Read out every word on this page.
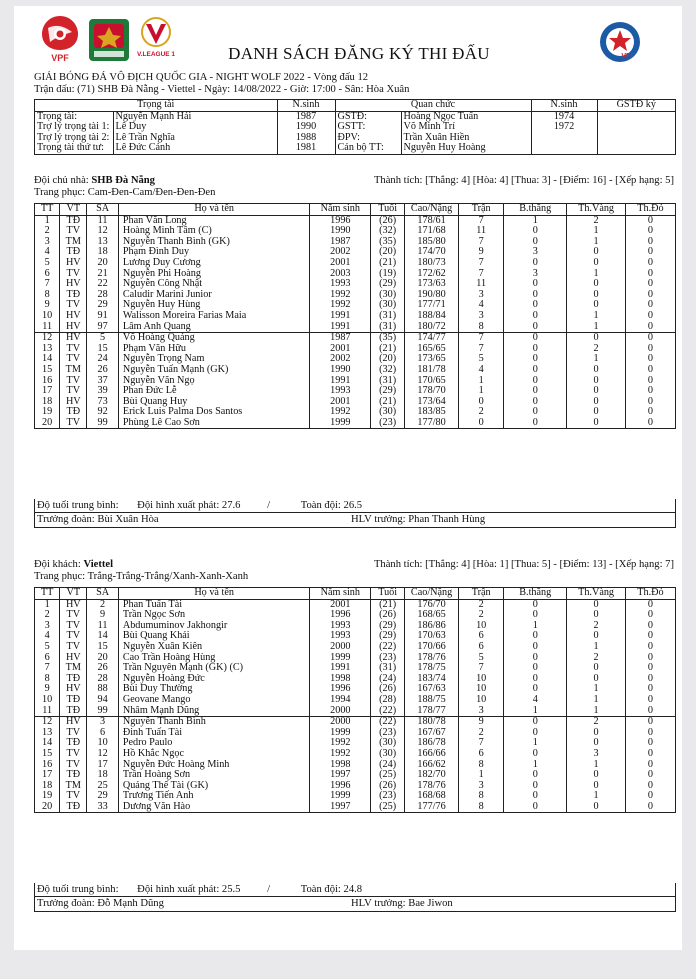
VPF	V.LEAGUE 1	VFF
DANH SÁCH ĐĂNG KÝ THI ĐẤU
GIẢI BÓNG ĐÁ VÔ ĐỊCH QUỐC GIA - NIGHT WOLF 2022 - Vòng đấu 12
Trận đấu: (71) SHB Đà Nẵng - Viettel - Ngày: 14/08/2022 - Giờ: 17:00 - Sân: Hòa Xuân
Trọng tài		N.sinh	Quan chức		N.sinh	GSTĐ ký
Trọng tài:	Nguyễn Mạnh Hải	1987	GSTĐ:	Hoàng Ngọc Tuấn	1974	
Trợ lý trọng tài 1:	Lê Duy	1990	GSTT:	Võ Minh Trí	1972	
Trợ lý trọng tài 2:	Lê Trần Nghĩa	1988	ĐPV:	Trần Xuân Hiền		
Trọng tài thứ tư:	Lê Đức Cảnh	1981	Cán bộ TT:	Nguyễn Huy Hoàng		
Đội chủ nhà: SHB Đà Nẵng	Thành tích: [Thắng: 4] [Hòa: 4] [Thua: 3] - [Điểm: 16] - [Xếp hạng: 5]
Trang phục: Cam-Đen-Cam/Đen-Đen-Đen
TT	VT	SA	Họ và tên	Năm sinh	Tuổi	Cao/Nặng	Trận	B.thắng	Th.Vàng	Th.Đỏ
1	TĐ	11	Phan Văn Long	1996	(26)	178/61	7	1	2	0
2	TV	12	Hoàng Minh Tâm (C)	1990	(32)	171/68	11	0	1	0
3	TM	13	Nguyễn Thanh Bình (GK)	1987	(35)	185/80	7	0	1	0
4	TĐ	18	Phạm Đình Duy	2002	(20)	174/70	9	3	0	0
5	HV	20	Lương Duy Cương	2001	(21)	180/73	7	0	0	0
6	TV	21	Nguyễn Phi Hoàng	2003	(19)	172/62	7	3	1	0
7	HV	22	Nguyễn Công Nhật	1993	(29)	173/63	11	0	0	0
8	TĐ	28	Caludir Marini Junior	1992	(30)	190/80	3	0	0	0
9	TV	29	Nguyễn Huy Hùng	1992	(30)	177/71	4	0	0	0
10	HV	91	Walisson Moreira Farias Maia	1991	(31)	188/84	3	0	1	0
11	HV	97	Lâm Anh Quang	1991	(31)	180/72	8	0	1	0
12	HV	5	Võ Hoàng Quảng	1987	(35)	174/77	7	0	0	0
13	TV	15	Phạm Văn Hữu	2001	(21)	165/65	7	0	2	0
14	TV	24	Nguyễn Trọng Nam	2002	(20)	173/65	5	0	1	0
15	TM	26	Nguyễn Tuấn Mạnh (GK)	1990	(32)	181/78	4	0	0	0
16	TV	37	Nguyễn Văn Ngọ	1991	(31)	170/65	1	0	0	0
17	TV	39	Phan Đức Lễ	1993	(29)	178/70	1	0	0	0
18	HV	73	Bùi Quang Huy	2001	(21)	173/64	0	0	0	0
19	TĐ	92	Erick Luis Palma Dos Santos	1992	(30)	183/85	2	0	0	0
20	TV	99	Phùng Lê Cao Sơn	1999	(23)	177/80	0	0	0	0
Độ tuổi trung bình: Đội hình xuất phát: 27.6	/	Toàn đội: 26.5
Trưởng đoàn: Bùi Xuân Hòa	HLV trưởng: Phan Thanh Hùng
Đội khách: Viettel	Thành tích: [Thắng: 4] [Hòa: 1] [Thua: 5] - [Điểm: 13] - [Xếp hạng: 7]
Trang phục: Trắng-Trắng-Trắng/Xanh-Xanh-Xanh
TT	VT	SA	Họ và tên	Năm sinh	Tuổi	Cao/Nặng	Trận	B.thắng	Th.Vàng	Th.Đỏ
1	HV	2	Phan Tuấn Tài	2001	(21)	176/70	2	0	0	0
2	TV	9	Trần Ngọc Sơn	1996	(26)	168/65	2	0	0	0
3	TV	11	Abdumuminov Jakhongir	1993	(29)	186/86	10	1	2	0
4	TV	14	Bùi Quang Khải	1993	(29)	170/63	6	0	0	0
5	TV	15	Nguyễn Xuân Kiên	2000	(22)	170/66	6	0	1	0
6	HV	20	Cao Trần Hoàng Hùng	1999	(23)	178/76	5	0	2	0
7	TM	26	Trần Nguyên Mạnh (GK) (C)	1991	(31)	178/75	7	0	0	0
8	TĐ	28	Nguyễn Hoàng Đức	1998	(24)	183/74	10	0	0	0
9	HV	88	Bùi Duy Thường	1996	(26)	167/63	10	0	1	0
10	TĐ	94	Geovane Mango	1994	(28)	188/75	10	4	1	0
11	TĐ	99	Nhâm Mạnh Dũng	2000	(22)	178/77	3	1	1	0
12	HV	3	Nguyễn Thanh Bình	2000	(22)	180/78	9	0	2	0
13	TV	6	Đinh Tuấn Tài	1999	(23)	167/67	2	0	0	0
14	TĐ	10	Pedro Paulo	1992	(30)	186/78	7	1	0	0
15	TV	12	Hồ Khắc Ngọc	1992	(30)	166/66	6	0	3	0
16	TV	17	Nguyễn Đức Hoàng Minh	1998	(24)	166/62	8	1	1	0
17	TĐ	18	Trần Hoàng Sơn	1997	(25)	182/70	1	0	0	0
18	TM	25	Quảng Thế Tài (GK)	1996	(26)	178/76	3	0	0	0
19	TV	29	Trương Tiến Anh	1999	(23)	168/68	8	0	1	0
20	TĐ	33	Dương Văn Hào	1997	(25)	177/76	8	0	0	0
Độ tuổi trung bình: Đội hình xuất phát: 25.5	/	Toàn đội: 24.8
Trưởng đoàn: Đỗ Mạnh Dũng	HLV trưởng: Bae Jiwon
